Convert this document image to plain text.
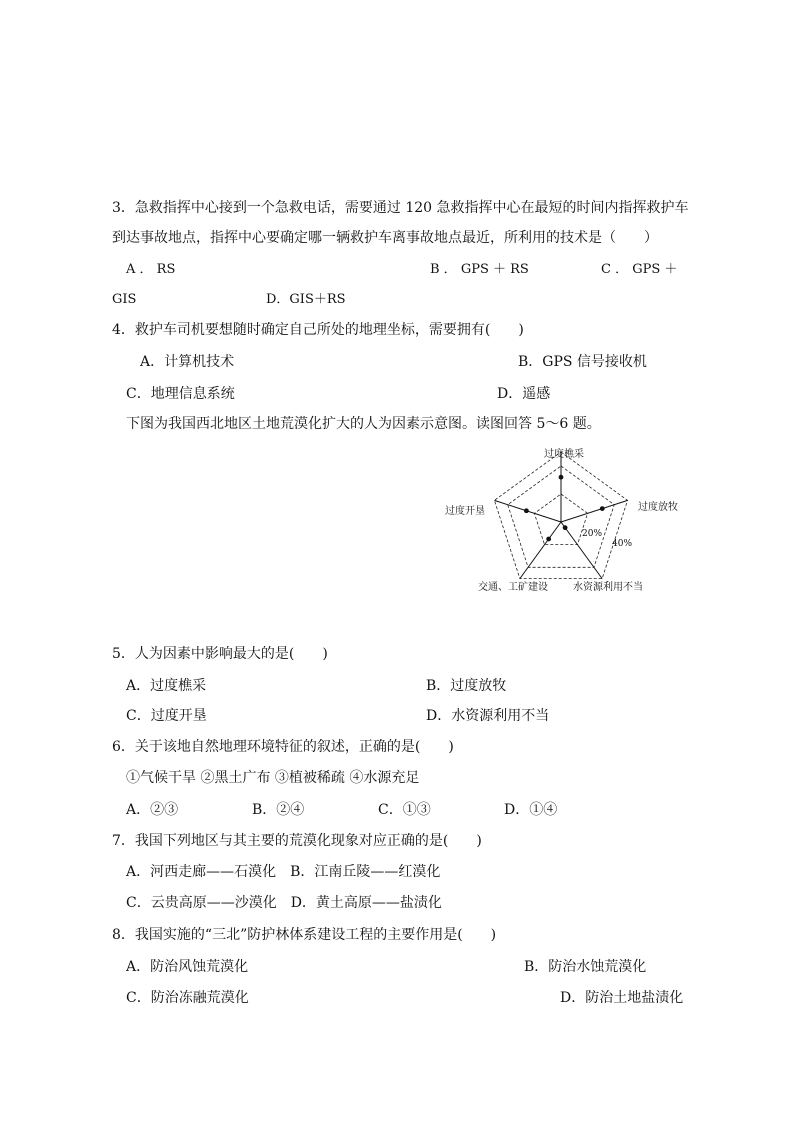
3．急救指挥中心接到一个急救电话，需要通过 120 急救指挥中心在最短的时间内指挥救护车
到达事故地点，指挥中心要确定哪一辆救护车离事故地点最近，所利用的技术是（　　）
A ． RS	B ． GPS ＋ RS	C ． GPS ＋
GIS	D．GIS＋RS
4．救护车司机要想随时确定自己所处的地理坐标，需要拥有(　　)
A．计算机技术	B．GPS 信号接收机
C．地理信息系统	D．遥感
下图为我国西北地区土地荒漠化扩大的人为因素示意图。读图回答 5～6 题。
过度樵采
过度放牧
水资源利用不当
交通、工矿建设
过度开垦
20%
40%
5．人为因素中影响最大的是(　　)
A．过度樵采	B．过度放牧
C．过度开垦	D．水资源利用不当
6．关于该地自然地理环境特征的叙述，正确的是(　　)
①气候干旱 ②黑土广布 ③植被稀疏 ④水源充足
A．②③	B．②④	C．①③	D．①④
7．我国下列地区与其主要的荒漠化现象对应正确的是(　　)
A．河西走廊——石漠化　B．江南丘陵——红漠化
C．云贵高原——沙漠化　D．黄土高原——盐渍化
8．我国实施的“三北”防护林体系建设工程的主要作用是(　　)
A．防治风蚀荒漠化	B．防治水蚀荒漠化
C．防治冻融荒漠化	D．防治土地盐渍化
